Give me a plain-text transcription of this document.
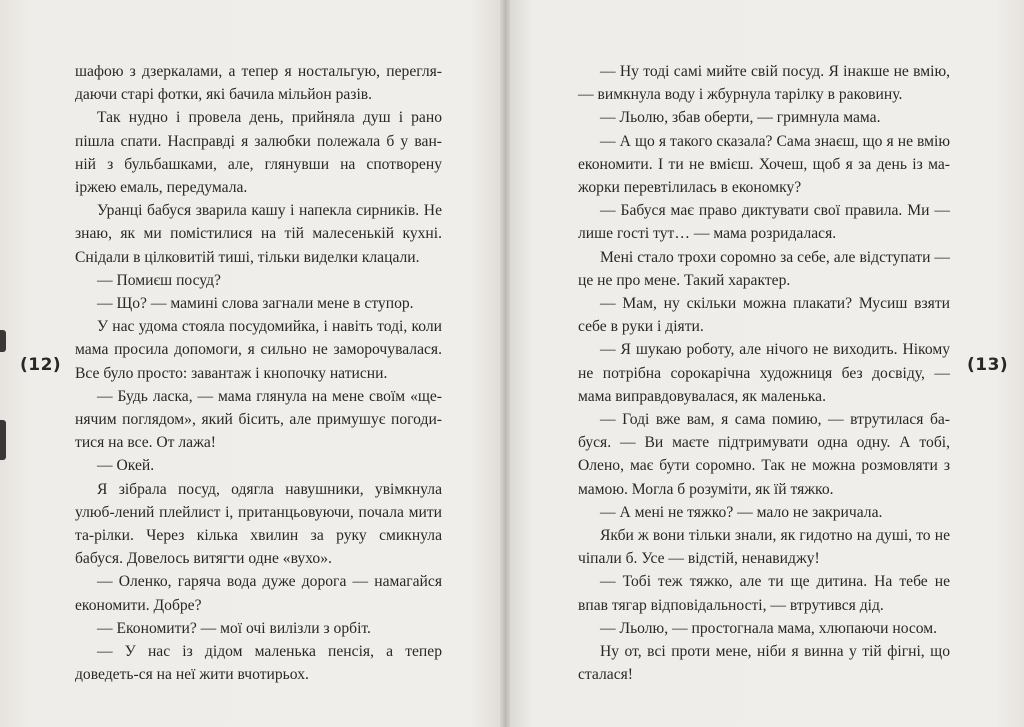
(12)

шафою з дзеркалами, а тепер я ностальгую, перегля-даючи старі фотки, які бачила мільйон разів.

Так нудно і провела день, прийняла душ і рано пішла спати. Насправді я залюбки полежала б у ван-ній з бульбашками, але, глянувши на спотворену іржею емаль, передумала.

Уранці бабуся зварила кашу і напекла сирників. Не знаю, як ми помістилися на тій малесенькій кухні. Снідали в цілковитій тиші, тільки виделки клацали.

— Помиєш посуд?

— Що? — мамині слова загнали мене в ступор.

У нас удома стояла посудомийка, і навіть тоді, коли мама просила допомоги, я сильно не заморочувалася. Все було просто: завантаж і кнопочку натисни.

— Будь ласка, — мама глянула на мене своїм «ще-нячим поглядом», який бісить, але примушує погоди-тися на все. От лажа!

— Окей.

Я зібрала посуд, одягла навушники, увімкнула улюб-лений плейлист і, пританцьовуючи, почала мити та-рілки. Через кілька хвилин за руку смикнула бабуся. Довелось витягти одне «вухо».

— Оленко, гаряча вода дуже дорога — намагайся економити. Добре?

— Економити? — мої очі вилізли з орбіт.

— У нас із дідом маленька пенсія, а тепер доведеть-ся на неї жити вчотирьох.

(13)

— Ну тоді самі мийте свій посуд. Я інакше не вмію, — вимкнула воду і жбурнула тарілку в раковину.

— Льолю, збав оберти, — гримнула мама.

— А що я такого сказала? Сама знаєш, що я не вмію економити. І ти не вмієш. Хочеш, щоб я за день із ма-жорки перевтілилась в економку?

— Бабуся має право диктувати свої правила. Ми — лише гості тут… — мама розридалася.

Мені стало трохи соромно за себе, але відступати — це не про мене. Такий характер.

— Мам, ну скільки можна плакати? Мусиш взяти себе в руки і діяти.

— Я шукаю роботу, але нічого не виходить. Нікому не потрібна сорокарічна художниця без досвіду, — мама виправдовувалася, як маленька.

— Годі вже вам, я сама помию, — втрутилася ба-буся. — Ви маєте підтримувати одна одну. А тобі, Олено, має бути соромно. Так не можна розмовляти з мамою. Могла б розуміти, як їй тяжко.

— А мені не тяжко? — мало не закричала.

Якби ж вони тільки знали, як гидотно на душі, то не чіпали б. Усе — відстій, ненавиджу!

— Тобі теж тяжко, але ти ще дитина. На тебе не впав тягар відповідальності, — втрутився дід.

— Льолю, — простогнала мама, хлюпаючи носом.

Ну от, всі проти мене, ніби я винна у тій фігні, що сталася!
